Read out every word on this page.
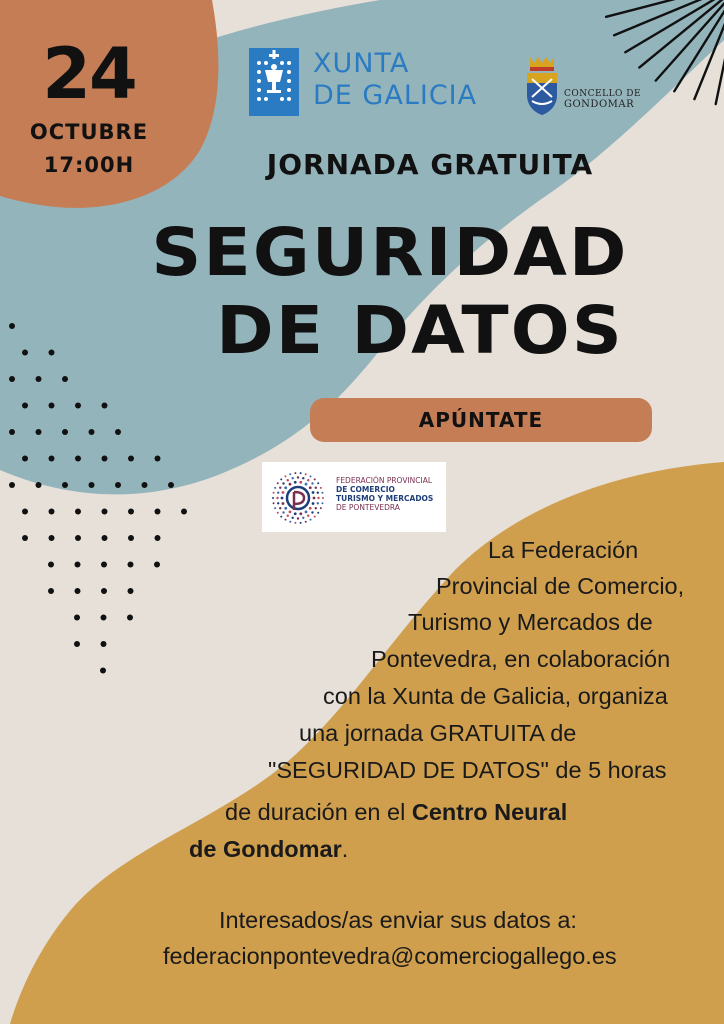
24
OCTUBRE
17:00H
XUNTA
DE GALICIA	CONCELLO DE
GONDOMAR
JORNADA GRATUITA
SEGURIDAD
DE DATOS
APÚNTATE
FEDERACIÓN PROVINCIAL
DE COMERCIO
TURISMO Y MERCADOS
DE PONTEVEDRA
La Federación
Provincial de Comercio,
Turismo y Mercados de
Pontevedra, en colaboración
con la Xunta de Galicia, organiza
una jornada GRATUITA de
"SEGURIDAD DE DATOS" de 5 horas
de duración en el Centro Neural
de Gondomar.
Interesados/as enviar sus datos a:
federacionpontevedra@comerciogallego.es
